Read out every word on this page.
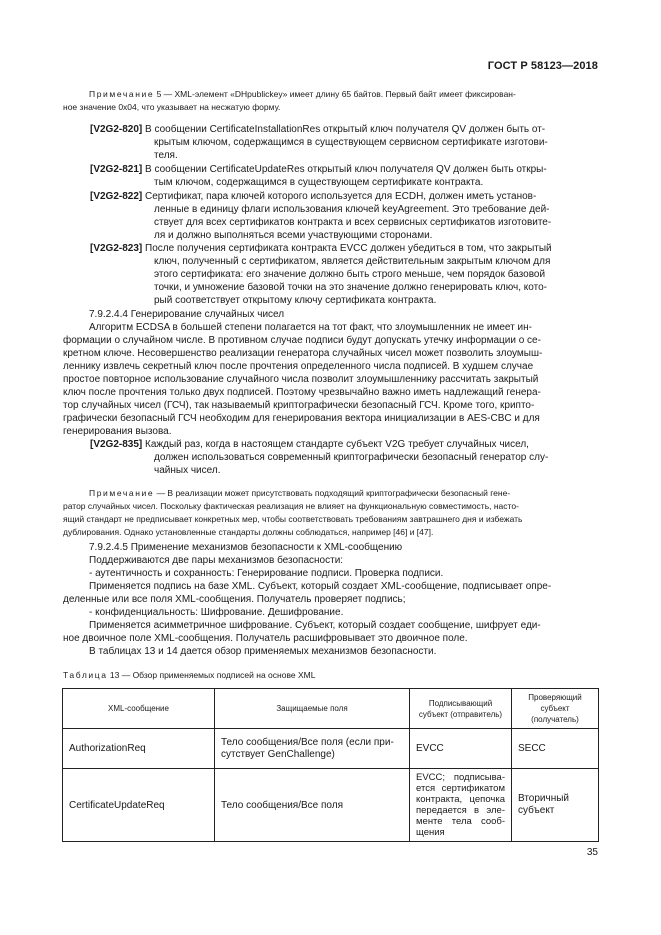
ГОСТ Р 58123—2018

Примечание 5 — XML-элемент «DHpublickey» имеет длину 65 байтов. Первый байт имеет фиксирован-

ное значение 0x04, что указывает на несжатую форму.

[V2G2-820] В сообщении CertificateInstallationRes открытый ключ получателя QV должен быть от-

крытым ключом, содержащимся в существующем сервисном сертификате изготови-

теля.

[V2G2-821] В сообщении CertificateUpdateRes открытый ключ получателя QV должен быть откры-

тым ключом, содержащимся в существующем сертификате контракта.

[V2G2-822] Сертификат, пара ключей которого используется для ECDH, должен иметь установ-

ленные в единицу флаги использования ключей keyAgreement. Это требование дей-

ствует для всех сертификатов контракта и всех сервисных сертификатов изготовите-

ля и должно выполняться всеми участвующими сторонами.

[V2G2-823] После получения сертификата контракта EVCC должен убедиться в том, что закрытый

ключ, полученный с сертификатом, является действительным закрытым ключом для

этого сертификата: его значение должно быть строго меньше, чем порядок базовой

точки, и умножение базовой точки на это значение должно генерировать ключ, кото-

рый соответствует открытому ключу сертификата контракта.

7.9.2.4.4 Генерирование случайных чисел

Алгоритм ECDSA в большей степени полагается на тот факт, что злоумышленник не имеет ин-

формации о случайном числе. В противном случае подписи будут допускать утечку информации о се-

кретном ключе. Несовершенство реализации генератора случайных чисел может позволить злоумыш-

леннику извлечь секретный ключ после прочтения определенного числа подписей. В худшем случае

простое повторное использование случайного числа позволит злоумышленнику рассчитать закрытый

ключ после прочтения только двух подписей. Поэтому чрезвычайно важно иметь надлежащий генера-

тор случайных чисел (ГСЧ), так называемый криптографически безопасный ГСЧ. Кроме того, крипто-

графически безопасный ГСЧ необходим для генерирования вектора инициализации в AES-CBC и для

генерирования вызова.

[V2G2-835] Каждый раз, когда в настоящем стандарте субъект V2G требует случайных чисел,

должен использоваться современный криптографически безопасный генератор слу-

чайных чисел.

Примечание — В реализации может присутствовать подходящий криптографически безопасный гене-

ратор случайных чисел. Поскольку фактическая реализация не влияет на функциональную совместимость, насто-

ящий стандарт не предписывает конкретных мер, чтобы соответствовать требованиям завтрашнего дня и избежать

дублирования. Однако установленные стандарты должны соблюдаться, например [46] и [47].

7.9.2.4.5 Применение механизмов безопасности к XML-сообщению

Поддерживаются две пары механизмов безопасности:

- аутентичность и сохранность: Генерирование подписи. Проверка подписи.

Применяется подпись на базе XML. Субъект, который создает XML-сообщение, подписывает опре-

деленные или все поля XML-сообщения. Получатель проверяет подпись;

- конфиденциальность: Шифрование. Дешифрование.

Применяется асимметричное шифрование. Субъект, который создает сообщение, шифрует еди-

ное двоичное поле XML-сообщения. Получатель расшифровывает это двоичное поле.

В таблицах 13 и 14 дается обзор применяемых механизмов безопасности.

Таблица 13 — Обзор применяемых подписей на основе XML
XML-сообщение	Защищаемые поля	Подписывающий субъект (отправитель)	Проверяющий субъект (получатель)
AuthorizationReq	Тело сообщения/Все поля (если при-сутствует GenChallenge)	EVCC	SECC
CertificateUpdateReq	Тело сообщения/Все поля	EVCC; подписыва-ется сертификатом контракта, цепочка передается в эле-менте тела сооб-щения	Вторичный субъект
35
